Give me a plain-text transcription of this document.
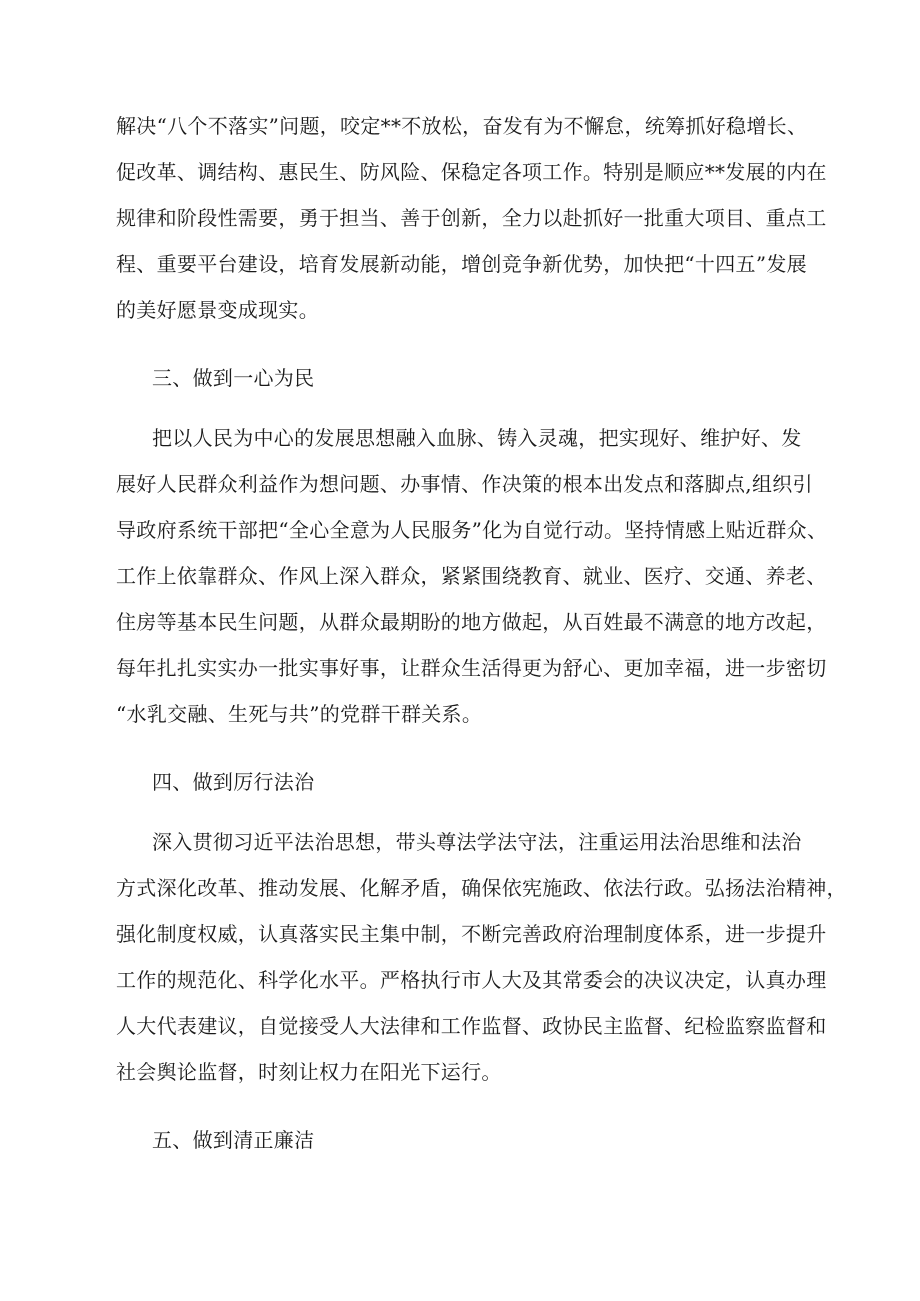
解决“八个不落实”问题，咬定**不放松，奋发有为不懈怠，统筹抓好稳增长、
促改革、调结构、惠民生、防风险、保稳定各项工作。特别是顺应**发展的内在
规律和阶段性需要，勇于担当、善于创新，全力以赴抓好一批重大项目、重点工
程、重要平台建设，培育发展新动能，增创竞争新优势，加快把“十四五”发展
的美好愿景变成现实。
三、做到一心为民
把以人民为中心的发展思想融入血脉、铸入灵魂，把实现好、维护好、发
展好人民群众利益作为想问题、办事情、作决策的根本出发点和落脚点,组织引
导政府系统干部把“全心全意为人民服务”化为自觉行动。坚持情感上贴近群众、
工作上依靠群众、作风上深入群众，紧紧围绕教育、就业、医疗、交通、养老、
住房等基本民生问题，从群众最期盼的地方做起，从百姓最不满意的地方改起，
每年扎扎实实办一批实事好事，让群众生活得更为舒心、更加幸福，进一步密切
“水乳交融、生死与共”的党群干群关系。
四、做到厉行法治
深入贯彻习近平法治思想，带头尊法学法守法，注重运用法治思维和法治
方式深化改革、推动发展、化解矛盾，确保依宪施政、依法行政。弘扬法治精神，
强化制度权威，认真落实民主集中制，不断完善政府治理制度体系，进一步提升
工作的规范化、科学化水平。严格执行市人大及其常委会的决议决定，认真办理
人大代表建议，自觉接受人大法律和工作监督、政协民主监督、纪检监察监督和
社会舆论监督，时刻让权力在阳光下运行。
五、做到清正廉洁
